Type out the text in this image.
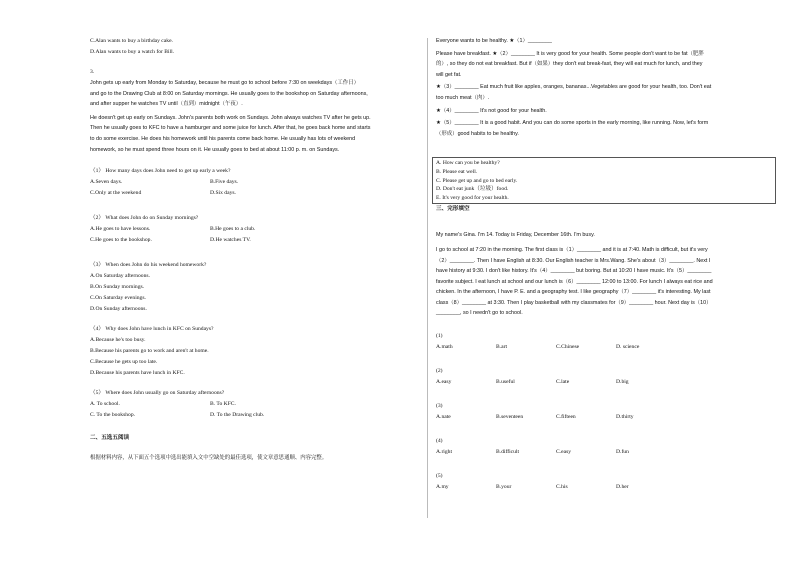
C.Alan wants to buy a birthday cake.
D.Alan wants to buy a watch for Bill.
3.

John gets up early from Monday to Saturday, because he must go to school before 7:30 on weekdays（工作日）

and go to the Drawing Club at 8:00 on Saturday mornings. He usually goes to the bookshop on Saturday afternoons,

and after supper he watches TV until（直到）midnight（午夜）.

He doesn't get up early on Sundays. John's parents both work on Sundays. John always watches TV after he gets up.

Then he usually goes to KFC to have a hamburger and some juice for lunch. After that, he goes back home and starts

to do some exercise. He does his homework until his parents come back home. He usually has lots of weekend

homework, so he must spend three hours on it. He usually goes to bed at about 11:00 p. m. on Sundays.

（1） How many days does John need to get up early a week?
A.Seven days.	B.Five days.
C.Only at the weekend	D.Six days.
（2） What does John do on Sunday mornings?
A.He goes to have lessons.	B.He goes to a club.
C.He goes to the bookshop.	D.He watches TV.
（3） When does John do his weekend homework?
A.On Saturday afternoons.
B.On Sunday mornings.
C.On Saturday evenings.
D.On Sunday afternoons.
（4） Why does John have lunch in KFC on Sundays?
A.Because he's too busy.
B.Because his parents go to work and aren't at home.
C.Because he gets up too late.
D.Because his parents have lunch in KFC.
（5） Where does John usually go on Saturday afternoons?
A. To school.	B. To KFC.
C. To the bookshop.	D. To the Drawing club.
二、五选五阅读
根据材料内容，从下面五个选项中选出能填入文中空缺处的最佳选项，使文章意思通顺、内容完整。

Everyone wants to be healthy. ★（1）________

Please have breakfast. ★（2）________ It is very good for your health. Some people don't want to be fat（肥胖

的）, so they do not eat breakfast. But if（如果）they don't eat break-fast, they will eat much for lunch, and they

will get fat.

★（3）________ Eat much fruit like apples, oranges, bananas...Vegetables are good for your health, too. Don't eat

too much meat（肉）.

★（4）________ It's not good for your health.

★（5）________ It is a good habit. And you can do some sports in the early morning, like running. Now, let's form

（形成）good habits to be healthy.

A. How can you be healthy?
B. Please eat well.
C. Please get up and go to bed early.
D. Don't eat junk（垃圾）food.
E. It's very good for your health.
三、完形填空

My name's Gina. I'm 14. Today is Friday, December 16th. I'm busy.

I go to school at 7:20 in the morning. The first class is（1）________ and it is at 7:40. Math is difficult, but it's very

（2）________. Then I have English at 8:30. Our English teacher is Mrs.Wang. She's about（3）________. Next I

have history at 9:30. I don't like history. It's（4）________ but boring. But at 10:20 I have music. It's（5）________

favorite subject. I eat lunch at school and our lunch is（6）________ 12:00 to 13:00. For lunch I always eat rice and

chicken. In the afternoon, I have P. E. and a geography test. I like geography（7）________ it's interesting. My last

class（8）________ at 3:30. Then I play basketball with my classmates for（9）________ hour. Next day is（10）

________, so I needn't go to school.

(1)
A.math	B.art	C.Chinese	D. science
(2)
A.easy	B.useful	C.late	D.big
(3)
A.nate	B.seventeen	C.fifteen	D.thirty
(4)
A.right	B.difficult	C.easy	D.fun
(5)
A.my	B.your	C.his	D.her
